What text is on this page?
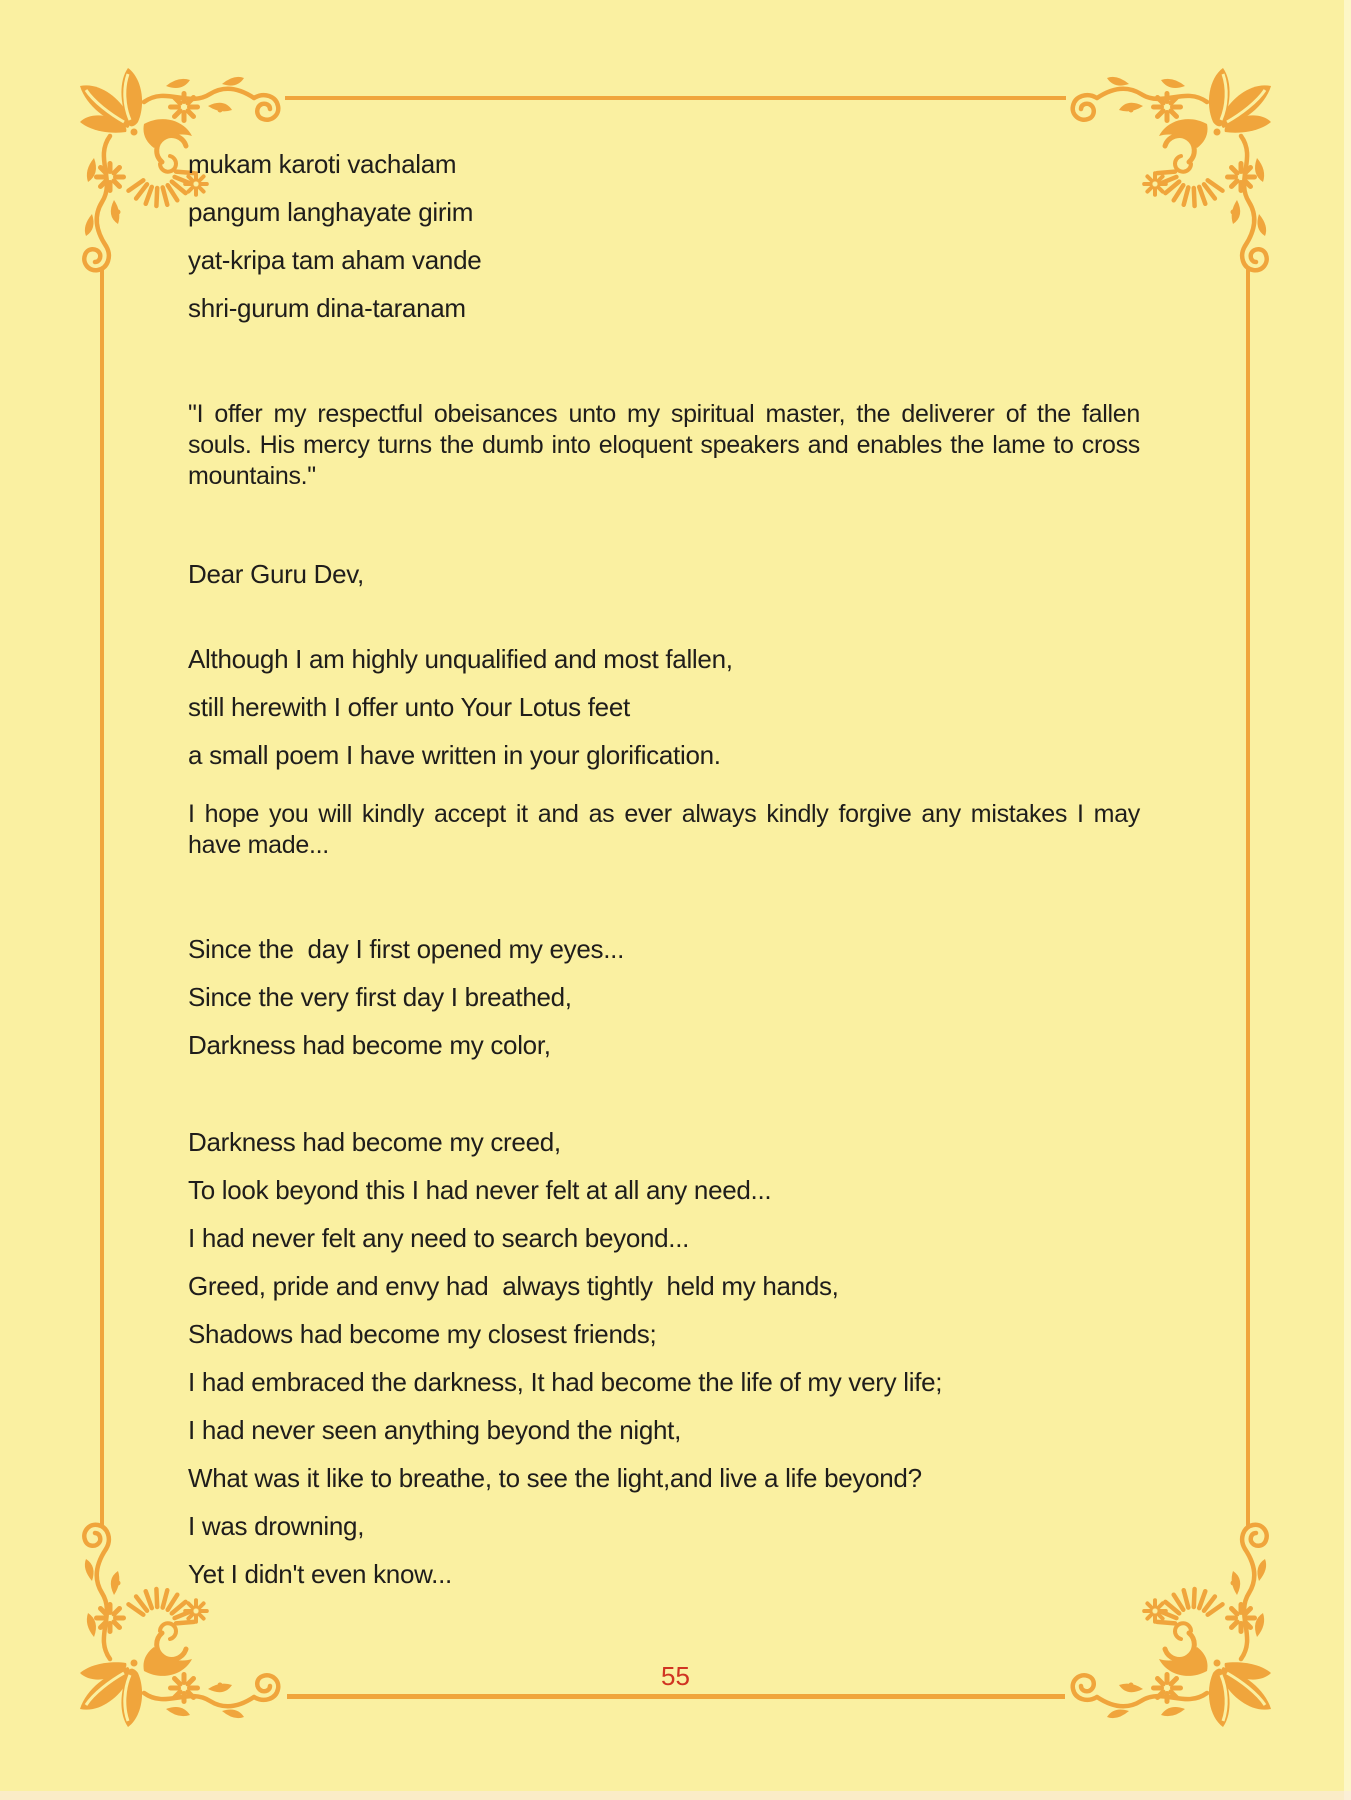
mukam karoti vachalam
pangum langhayate girim
yat-kripa tam aham vande
shri-gurum dina-taranam
"I offer my respectful obeisances unto my spiritual master, the deliverer of the fallen souls. His mercy turns the dumb into eloquent speakers and enables the lame to cross mountains."
Dear Guru Dev,
Although I am highly unqualified and most fallen,
still herewith I offer unto Your Lotus feet
a small poem I have written in your glorification.
I hope you will kindly accept it and as ever always kindly forgive any mistakes I may have made...
Since the  day I first opened my eyes...
Since the very first day I breathed,
Darkness had become my color,
Darkness had become my creed,
To look beyond this I had never felt at all any need...
I had never felt any need to search beyond...
Greed, pride and envy had  always tightly  held my hands,
Shadows had become my closest friends;
I had embraced the darkness, It had become the life of my very life;
I had never seen anything beyond the night,
What was it like to breathe, to see the light,and live a life beyond?
I was drowning,
Yet I didn't even know...
55
